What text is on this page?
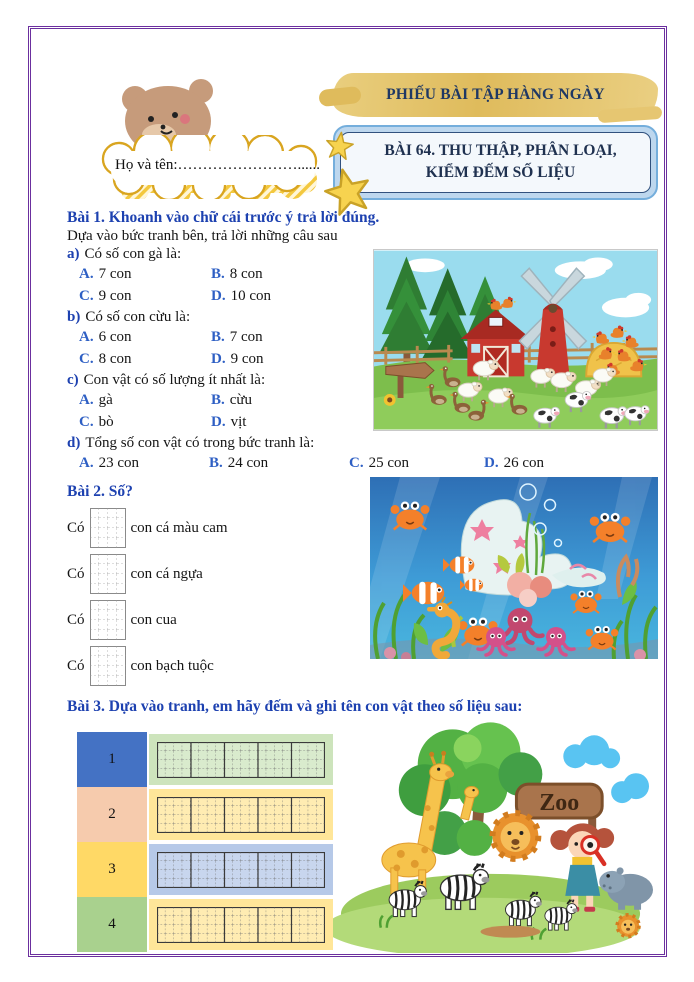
Họ và tên:……………………......
PHIẾU BÀI TẬP HÀNG NGÀY
BÀI 64. THU THẬP, PHÂN LOẠI,
KIỂM ĐẾM SỐ LIỆU
Bài 1. Khoanh vào chữ cái trước ý trả lời đúng.
Dựa vào bức tranh bên, trả lời những câu sau
a) Có số con gà là:
A. 7 con	B. 8 con
C. 9 con	D. 10 con
b) Có số con cừu là:
A. 6 con	B. 7 con
C. 8 con	D. 9 con
c) Con vật có số lượng ít nhất là:
A. gà	B. cừu
C. bò	D. vịt
d) Tổng số con vật có trong bức tranh là:
A. 23 con	B. 24 con	C. 25 con	D. 26 con
Bài 2. Số?
Có	con cá màu cam
Có	con cá ngựa
Có	con cua
Có	con bạch tuộc
Bài 3. Dựa vào tranh, em hãy đếm và ghi tên con vật theo số liệu sau:
1
2
3
4
Zoo
